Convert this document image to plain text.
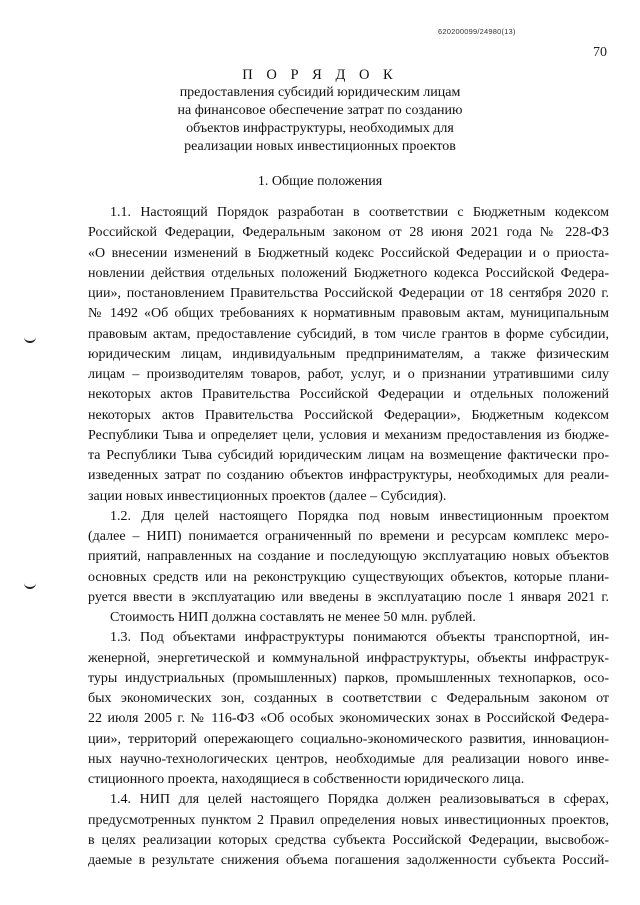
620200099/24980(13)
70

П О Р Я Д О К

предоставления субсидий юридическим лицам

на финансовое обеспечение затрат по созданию

объектов инфраструктуры, необходимых для

реализации новых инвестиционных проектов

1. Общие положения
1.1. Настоящий Порядок разработан в соответствии с Бюджетным кодексом
Российской Федерации, Федеральным законом от 28 июня 2021 года № 228-ФЗ
«О внесении изменений в Бюджетный кодекс Российской Федерации и о приоста-
новлении действия отдельных положений Бюджетного кодекса Российской Федера-
ции», постановлением Правительства Российской Федерации от 18 сентября 2020 г.
№ 1492 «Об общих требованиях к нормативным правовым актам, муниципальным
правовым актам, предоставление субсидий, в том числе грантов в форме субсидии,
юридическим лицам, индивидуальным предпринимателям, а также физическим
лицам – производителям товаров, работ, услуг, и о признании утратившими силу
некоторых актов Правительства Российской Федерации и отдельных положений
некоторых актов Правительства Российской Федерации», Бюджетным кодексом
Республики Тыва и определяет цели, условия и механизм предоставления из бюдже-
та Республики Тыва субсидий юридическим лицам на возмещение фактически про-
изведенных затрат по созданию объектов инфраструктуры, необходимых для реали-
зации новых инвестиционных проектов (далее – Субсидия).
1.2. Для целей настоящего Порядка под новым инвестиционным проектом
(далее – НИП) понимается ограниченный по времени и ресурсам комплекс меро-
приятий, направленных на создание и последующую эксплуатацию новых объектов
основных средств или на реконструкцию существующих объектов, которые плани-
руется ввести в эксплуатацию или введены в эксплуатацию после 1 января 2021 г.
Стоимость НИП должна составлять не менее 50 млн. рублей.
1.3. Под объектами инфраструктуры понимаются объекты транспортной, ин-
женерной, энергетической и коммунальной инфраструктуры, объекты инфраструк-
туры индустриальных (промышленных) парков, промышленных технопарков, осо-
бых экономических зон, созданных в соответствии с Федеральным законом от
22 июля 2005 г. № 116-ФЗ «Об особых экономических зонах в Российской Федера-
ции», территорий опережающего социально-экономического развития, инновацион-
ных научно-технологических центров, необходимые для реализации нового инве-
стиционного проекта, находящиеся в собственности юридического лица.
1.4. НИП для целей настоящего Порядка должен реализовываться в сферах,
предусмотренных пунктом 2 Правил определения новых инвестиционных проектов,
в целях реализации которых средства субъекта Российской Федерации, высвобож-
даемые в результате снижения объема погашения задолженности субъекта Россий-
